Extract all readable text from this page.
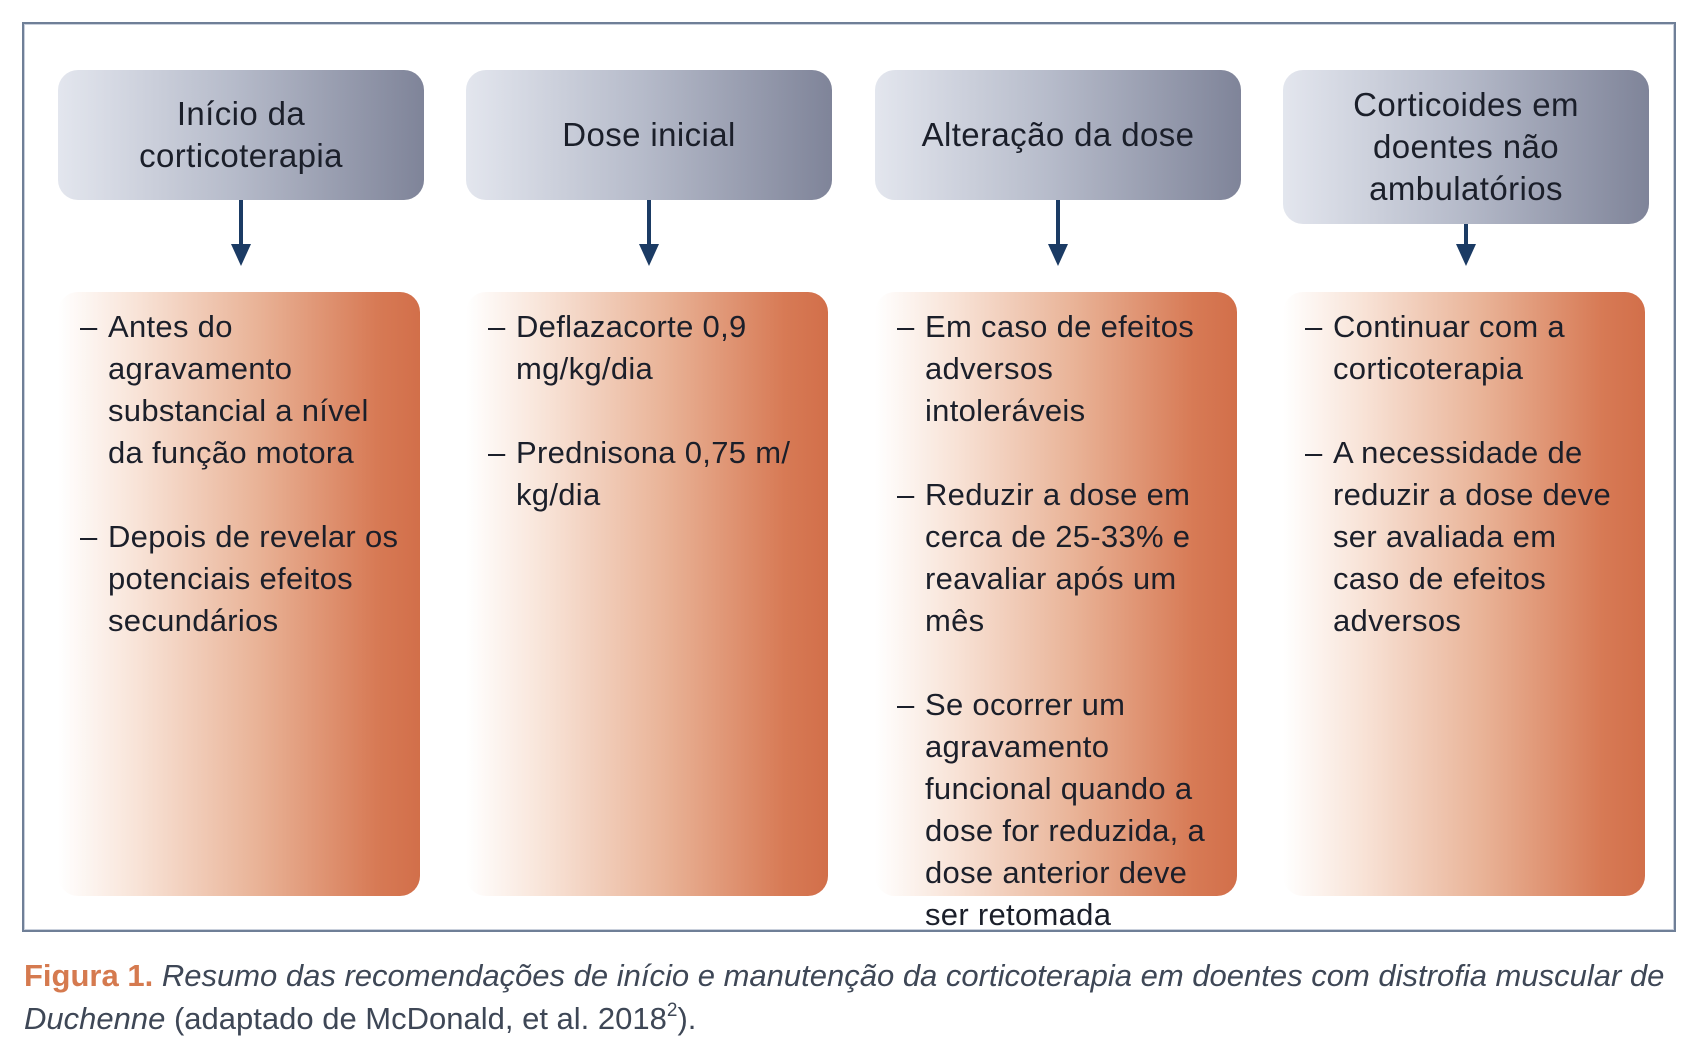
Início da corticoterapia
– Antes do agravamento substancial a nível da função motora
– Depois de revelar os potenciais efeitos secundários
Dose inicial
– Deflazacorte 0,9 mg/kg/dia
– Prednisona 0,75 m/ kg/dia
Alteração da dose
– Em caso de efeitos adversos intoleráveis
– Reduzir a dose em cerca de 25-33% e reavaliar após um mês
– Se ocorrer um agravamento funcional quando a dose for reduzida, a dose anterior deve ser retomada
Corticoides em doentes não ambulatórios
– Continuar com a corticoterapia
– A necessidade de reduzir a dose deve ser avaliada em caso de efeitos adversos
Figura 1. Resumo das recomendações de início e manutenção da corticoterapia em doentes com distrofia muscular de Duchenne (adaptado de McDonald, et al. 2018$^2$).
